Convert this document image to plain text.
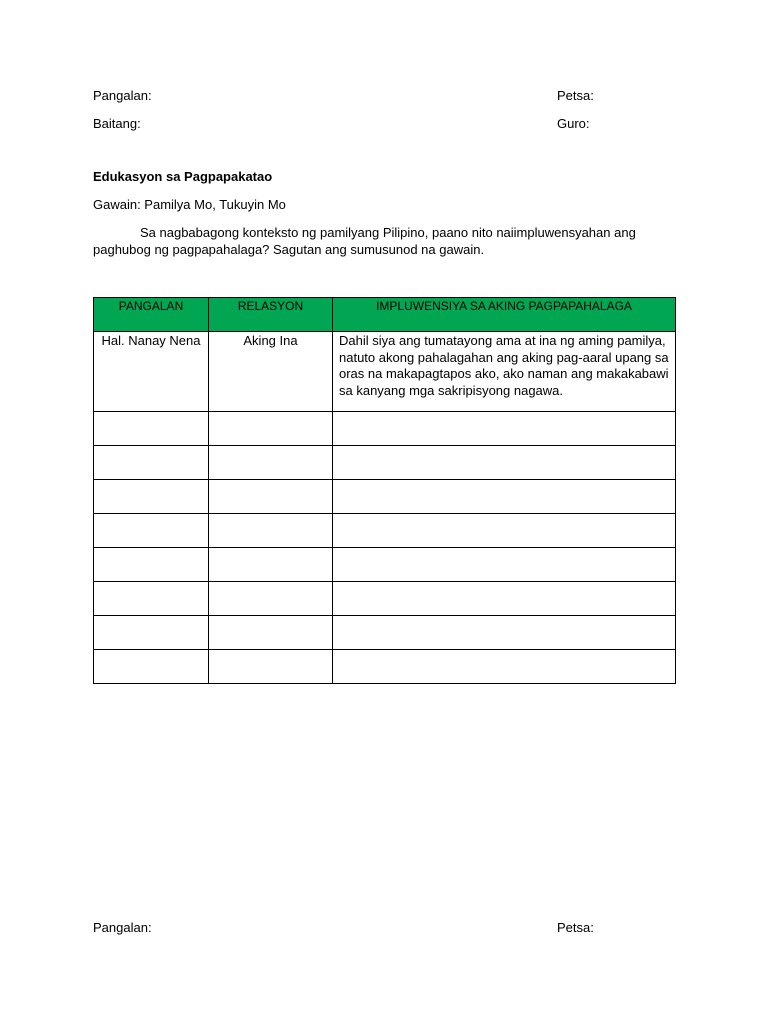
Pangalan:	Petsa:
Baitang:	Guro:
Edukasyon sa Pagpapakatao
Gawain: Pamilya Mo, Tukuyin Mo
Sa nagbabagong konteksto ng pamilyang Pilipino, paano nito naiimpluwensyahan ang paghubog ng pagpapahalaga? Sagutan ang sumusunod na gawain.
PANGALAN	RELASYON	IMPLUWENSIYA SA AKING PAGPAPAHALAGA
Hal. Nanay Nena	Aking Ina	Dahil siya ang tumatayong ama at ina ng aming pamilya, natuto akong pahalagahan ang aking pag-aaral upang sa oras na makapagtapos ako, ako naman ang makakabawi sa kanyang mga sakripisyong nagawa.

Pangalan:	Petsa:
